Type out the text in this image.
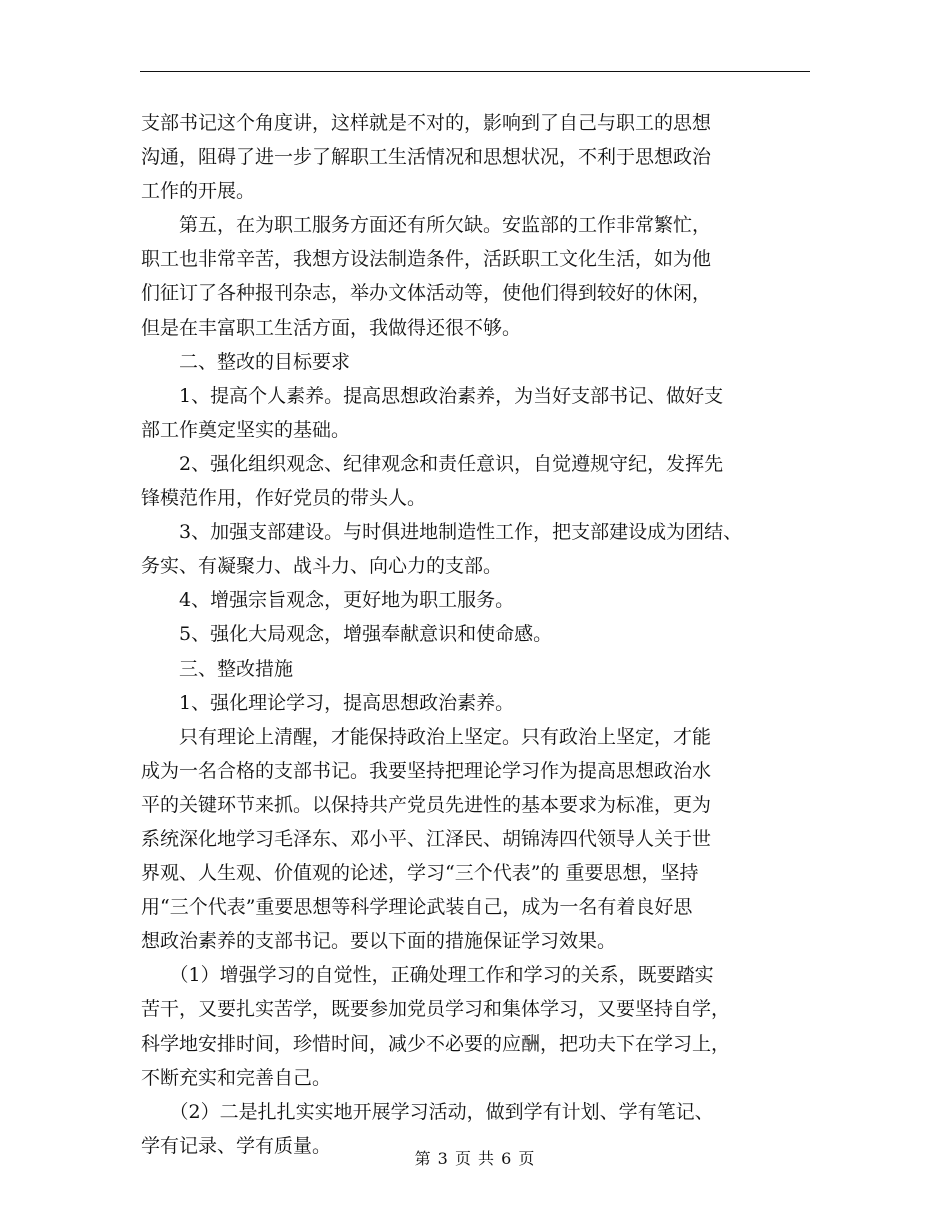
支部书记这个角度讲，这样就是不对的，影响到了自己与职工的思想
沟通，阻碍了进一步了解职工生活情况和思想状况，不利于思想政治
工作的开展。
　　第五，在为职工服务方面还有所欠缺。安监部的工作非常繁忙，
职工也非常辛苦，我想方设法制造条件，活跃职工文化生活，如为他
们征订了各种报刊杂志，举办文体活动等，使他们得到较好的休闲，
但是在丰富职工生活方面，我做得还很不够。
　　二、整改的目标要求
　　1、提高个人素养。提高思想政治素养，为当好支部书记、做好支
部工作奠定坚实的基础。
　　2、强化组织观念、纪律观念和责任意识，自觉遵规守纪，发挥先
锋模范作用，作好党员的带头人。
　　3、加强支部建设。与时俱进地制造性工作，把支部建设成为团结、
务实、有凝聚力、战斗力、向心力的支部。
　　4、增强宗旨观念，更好地为职工服务。
　　5、强化大局观念，增强奉献意识和使命感。
　　三、整改措施
　　1、强化理论学习，提高思想政治素养。
　　只有理论上清醒，才能保持政治上坚定。只有政治上坚定，才能
成为一名合格的支部书记。我要坚持把理论学习作为提高思想政治水
平的关键环节来抓。以保持共产党员先进性的基本要求为标准，更为
系统深化地学习毛泽东、邓小平、江泽民、胡锦涛四代领导人关于世
界观、人生观、价值观的论述，学习“三个代表”的 重要思想，坚持
用“三个代表”重要思想等科学理论武装自己，成为一名有着良好思
想政治素养的支部书记。要以下面的措施保证学习效果。
　　（1）增强学习的自觉性，正确处理工作和学习的关系，既要踏实
苦干，又要扎实苦学，既要参加党员学习和集体学习，又要坚持自学，
科学地安排时间，珍惜时间，减少不必要的应酬，把功夫下在学习上，
不断充实和完善自己。
　　（2）二是扎扎实实地开展学习活动，做到学有计划、学有笔记、
学有记录、学有质量。
第 3 页 共 6 页
